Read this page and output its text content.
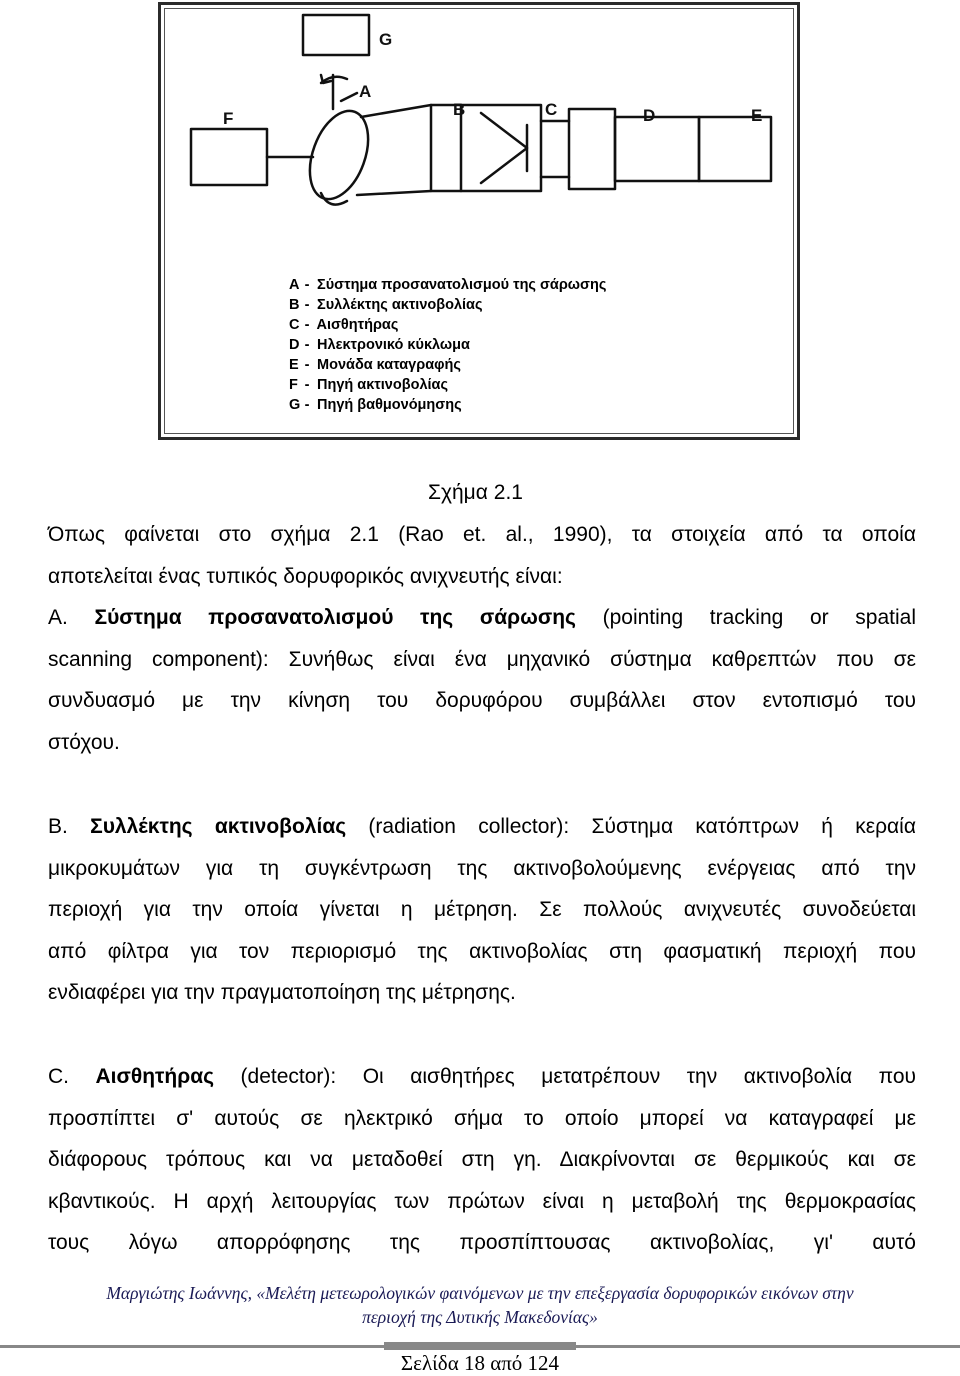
G
F
A
B	C	D	E
A - Σύστημα προσανατολισμού της σάρωσης
B - Συλλέκτης ακτινοβολίας
C - Αισθητήρας
D - Ηλεκτρονικό κύκλωμα
E - Μονάδα καταγραφής
F - Πηγή ακτινοβολίας
G - Πηγή βαθμονόμησης
Σχήμα 2.1
Όπως φαίνεται στο σχήμα 2.1 (Rao et. al., 1990), τα στοιχεία από τα οποία
αποτελείται ένας τυπικός δορυφορικός ανιχνευτής είναι:
A. Σύστημα προσανατολισμού της σάρωσης (pointing tracking or spatial
scanning component): Συνήθως είναι ένα μηχανικό σύστημα καθρεπτών που σε
συνδυασμό με την κίνηση του δορυφόρου συμβάλλει στον εντοπισμό του
στόχου.
B. Συλλέκτης ακτινοβολίας (radiation collector): Σύστημα κατόπτρων ή κεραία
μικροκυμάτων για τη συγκέντρωση της ακτινοβολούμενης ενέργειας από την
περιοχή για την οποία γίνεται η μέτρηση. Σε πολλούς ανιχνευτές συνοδεύεται
από φίλτρα για τον περιορισμό της ακτινοβολίας στη φασματική περιοχή που
ενδιαφέρει για την πραγματοποίηση της μέτρησης.
C. Αισθητήρας (detector): Οι αισθητήρες μετατρέπουν την ακτινοβολία που
προσπίπτει σ' αυτούς σε ηλεκτρικό σήμα το οποίο μπορεί να καταγραφεί με
διάφορους τρόπους και να μεταδοθεί στη γη. Διακρίνονται σε θερμικούς και σε
κβαντικούς. Η αρχή λειτουργίας των πρώτων είναι η μεταβολή της θερμοκρασίας
τους λόγω απορρόφησης της προσπίπτουσας ακτινοβολίας, γι' αυτό
Μαργιώτης Ιωάννης, «Μελέτη μετεωρολογικών φαινόμενων με την επεξεργασία δορυφορικών εικόνων στην
περιοχή της Δυτικής Μακεδονίας»
Σελίδα 18 από 124
